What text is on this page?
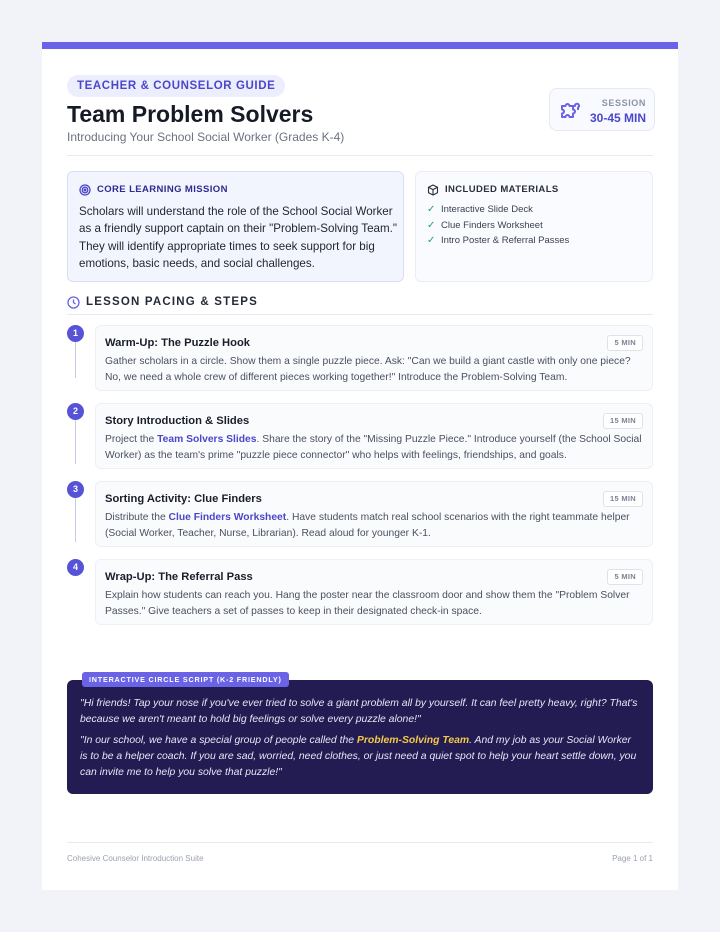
TEACHER & COUNSELOR GUIDE
Team Problem Solvers
Introducing Your School Social Worker (Grades K-4)
SESSION
30-45 MIN
CORE LEARNING MISSION
Scholars will understand the role of the School Social Worker as a friendly support captain on their "Problem-Solving Team." They will identify appropriate times to seek support for big emotions, basic needs, and social challenges.
INCLUDED MATERIALS
✓ Interactive Slide Deck
✓ Clue Finders Worksheet
✓ Intro Poster & Referral Passes
LESSON PACING & STEPS
1
Warm-Up: The Puzzle Hook	5 MIN
Gather scholars in a circle. Show them a single puzzle piece. Ask: "Can we build a giant castle with only one piece? No, we need a whole crew of different pieces working together!" Introduce the Problem-Solving Team.
2
Story Introduction & Slides	15 MIN
Project the Team Solvers Slides. Share the story of the "Missing Puzzle Piece." Introduce yourself (the School Social Worker) as the team's prime "puzzle piece connector" who helps with feelings, friendships, and goals.
3
Sorting Activity: Clue Finders	15 MIN
Distribute the Clue Finders Worksheet. Have students match real school scenarios with the right teammate helper (Social Worker, Teacher, Nurse, Librarian). Read aloud for younger K-1.
4
Wrap-Up: The Referral Pass	5 MIN
Explain how students can reach you. Hang the poster near the classroom door and show them the "Problem Solver Passes." Give teachers a set of passes to keep in their designated check-in space.
"Hi friends! Tap your nose if you've ever tried to solve a giant problem all by yourself. It can feel pretty heavy, right? That's because we aren't meant to hold big feelings or solve every puzzle alone!"
"In our school, we have a special group of people called the Problem-Solving Team. And my job as your Social Worker is to be a helper coach. If you are sad, worried, need clothes, or just need a quiet spot to help your heart settle down, you can invite me to help you solve that puzzle!"
INTERACTIVE CIRCLE SCRIPT (K-2 FRIENDLY)
Cohesive Counselor Introduction Suite	Page 1 of 1
